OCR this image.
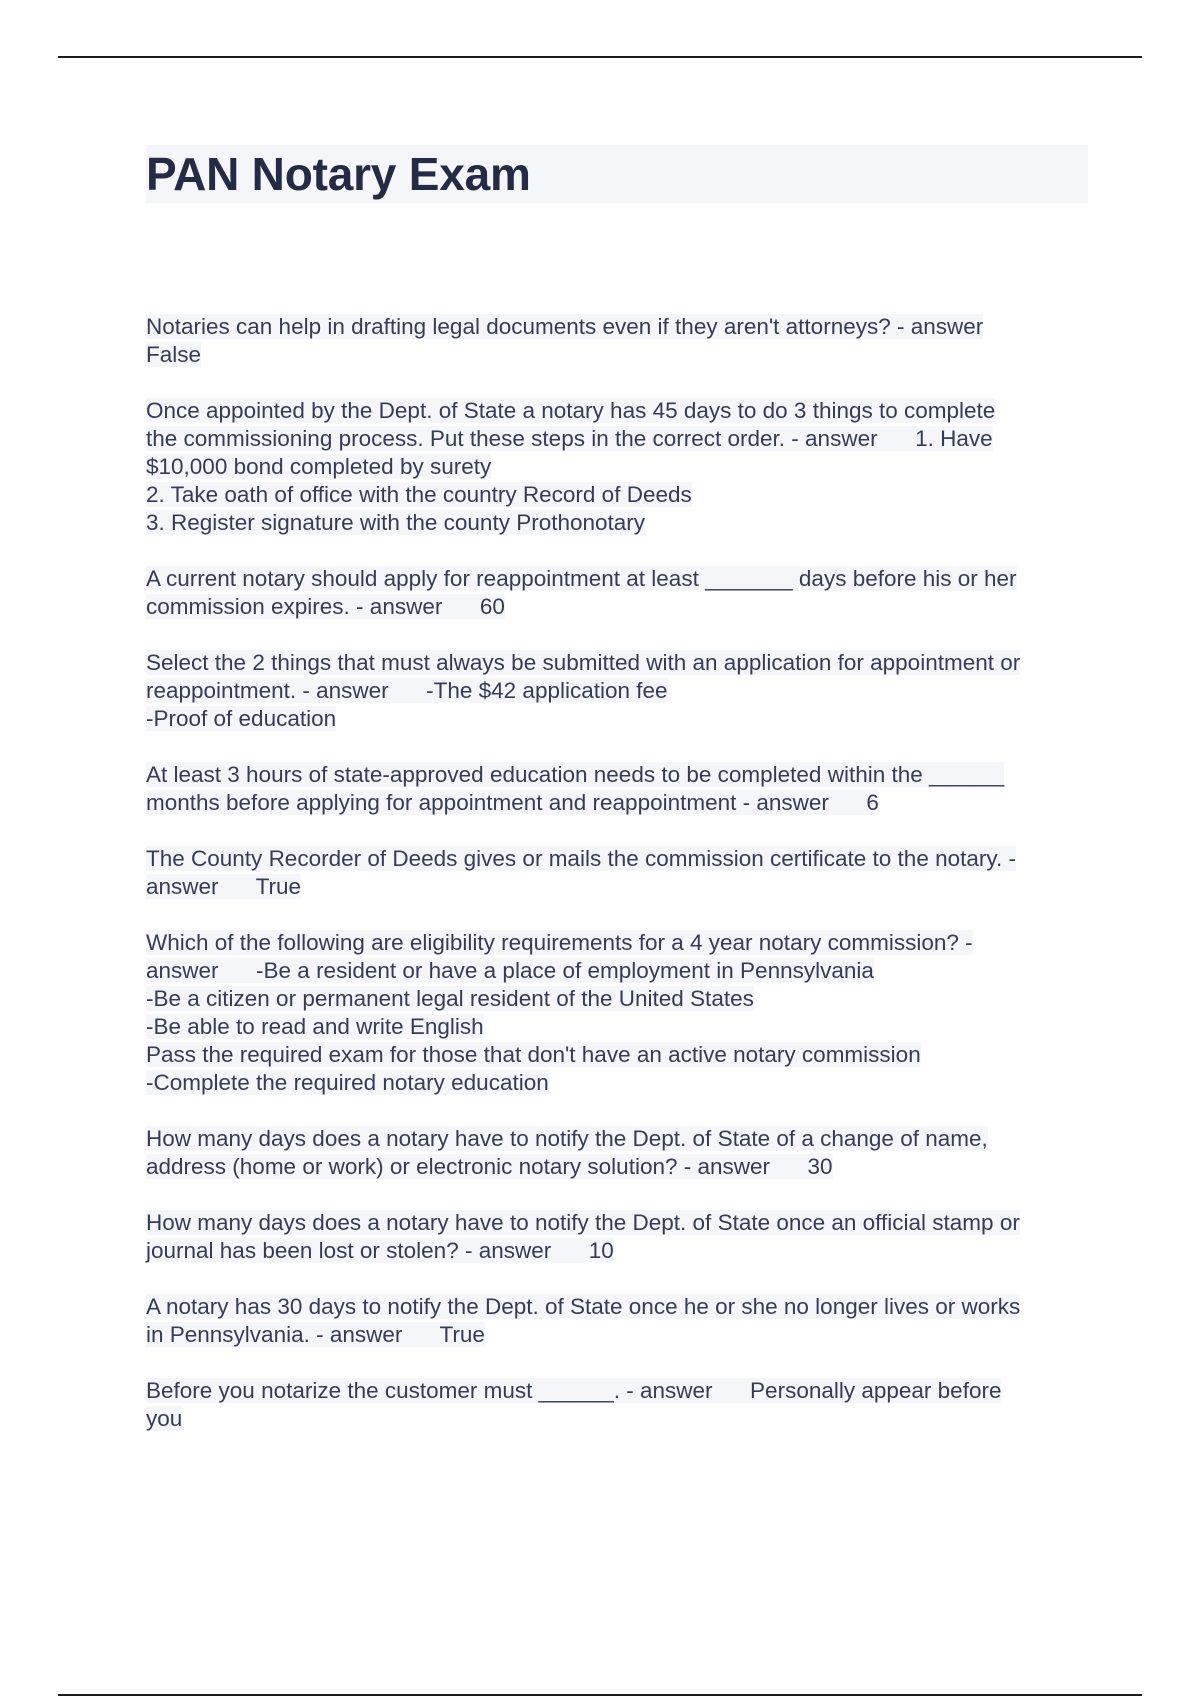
PAN Notary Exam
Notaries can help in drafting legal documents even if they aren't attorneys? - answer
False
Once appointed by the Dept. of State a notary has 45 days to do 3 things to complete
the commissioning process. Put these steps in the correct order. - answer      1. Have
$10,000 bond completed by surety
2. Take oath of office with the country Record of Deeds
3. Register signature with the county Prothonotary
A current notary should apply for reappointment at least _______ days before his or her
commission expires. - answer      60
Select the 2 things that must always be submitted with an application for appointment or
reappointment. - answer      -The $42 application fee
-Proof of education
At least 3 hours of state-approved education needs to be completed within the ______
months before applying for appointment and reappointment - answer      6
The County Recorder of Deeds gives or mails the commission certificate to the notary. -
answer      True
Which of the following are eligibility requirements for a 4 year notary commission? -
answer      -Be a resident or have a place of employment in Pennsylvania
-Be a citizen or permanent legal resident of the United States
-Be able to read and write English
Pass the required exam for those that don't have an active notary commission
-Complete the required notary education
How many days does a notary have to notify the Dept. of State of a change of name,
address (home or work) or electronic notary solution? - answer      30
How many days does a notary have to notify the Dept. of State once an official stamp or
journal has been lost or stolen? - answer      10
A notary has 30 days to notify the Dept. of State once he or she no longer lives or works
in Pennsylvania. - answer      True
Before you notarize the customer must ______. - answer      Personally appear before
you
